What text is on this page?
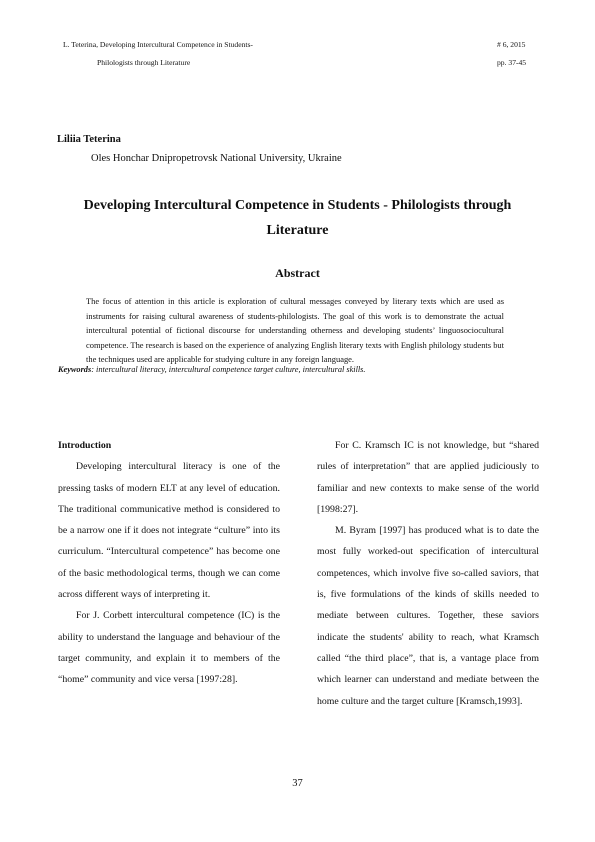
L. Teterina, Developing Intercultural Competence in Students-
Philologists through Literature
# 6, 2015
pp. 37-45
Liliia Teterina
Oles Honchar Dnipropetrovsk National University, Ukraine
Developing Intercultural Competence in Students - Philologists through Literature
Abstract
The focus of attention in this article is exploration of cultural messages conveyed by literary texts which are used as instruments for raising cultural awareness of students-philologists. The goal of this work is to demonstrate the actual intercultural potential of fictional discourse for understanding otherness and developing students’ linguosociocultural competence. The research is based on the experience of analyzing English literary texts with English philology students but the techniques used are applicable for studying culture in any foreign language.
Keywords: intercultural literacy, intercultural competence target culture, intercultural skills.

Introduction

Developing intercultural literacy is one of the pressing tasks of modern ELT at any level of education. The traditional communicative method is considered to be a narrow one if it does not integrate “culture” into its curriculum. “Intercultural competence” has become one of the basic methodological terms, though we can come across different ways of interpreting it.

For J. Corbett intercultural competence (IC) is the ability to understand the language and behaviour of the target community, and explain it to members of the “home” community and vice versa [1997:28].

For C. Kramsch IC is not knowledge, but “shared rules of interpretation” that are applied judiciously to familiar and new contexts to make sense of the world [1998:27].

M. Byram [1997] has produced what is to date the most fully worked-out specification of intercultural competences, which involve five so-called saviors, that is, five formulations of the kinds of skills needed to mediate between cultures. Together, these saviors indicate the students' ability to reach, what Kramsch called “the third place”, that is, a vantage place from which learner can understand and mediate between the home culture and the target culture [Kramsch,1993].

37
